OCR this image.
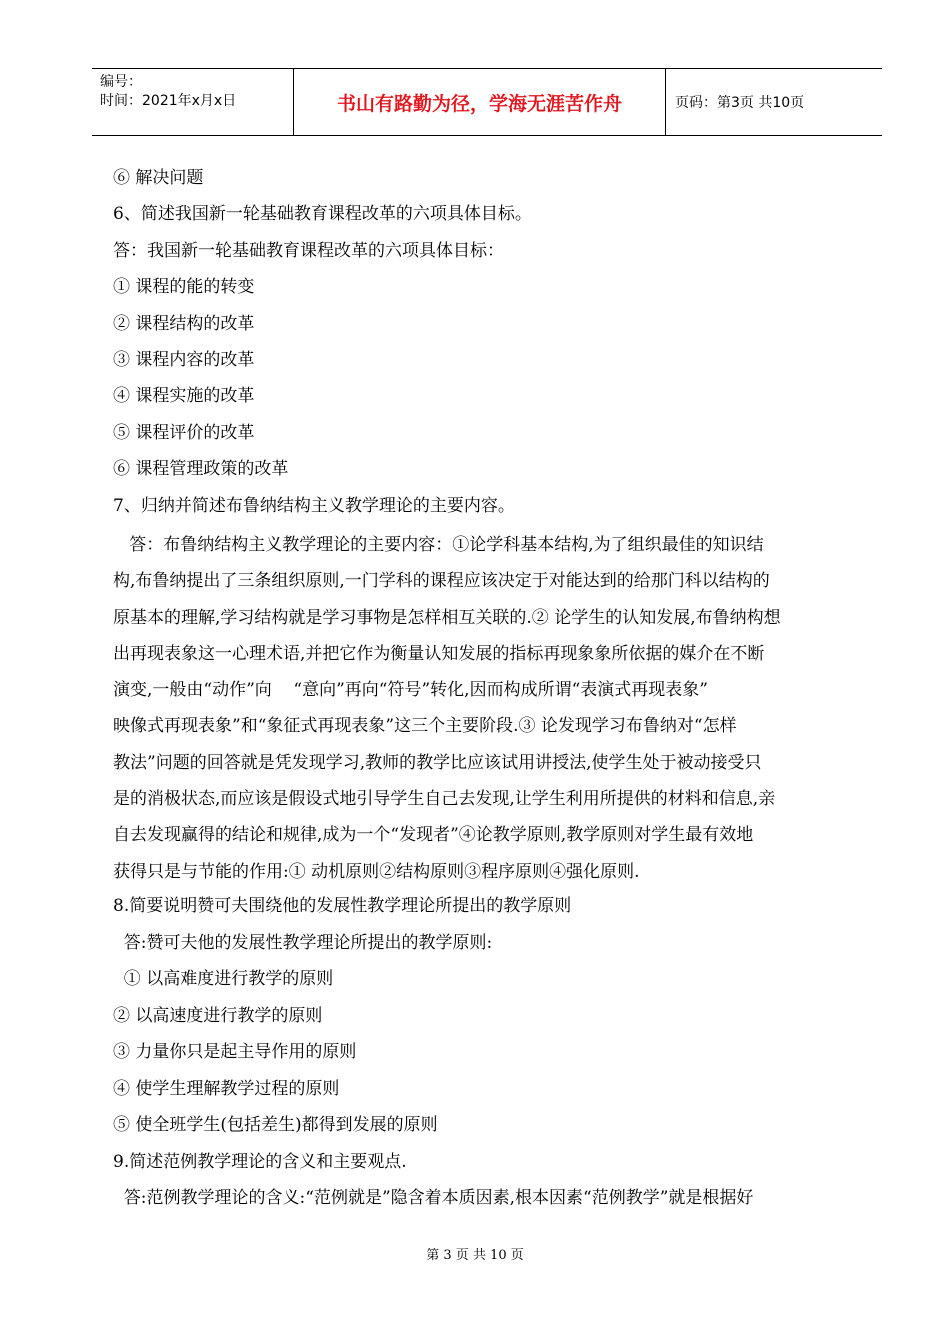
编号：
时间：2021年x月x日	书山有路勤为径，学海无涯苦作舟	页码：第3页 共10页
⑥ 解决问题
6、简述我国新一轮基础教育课程改革的六项具体目标。
答：我国新一轮基础教育课程改革的六项具体目标：
① 课程的能的转变
② 课程结构的改革
③ 课程内容的改革
④ 课程实施的改革
⑤ 课程评价的改革
⑥ 课程管理政策的改革
7、归纳并简述布鲁纳结构主义教学理论的主要内容。
答：布鲁纳结构主义教学理论的主要内容：①论学科基本结构,为了组织最佳的知识结
构,布鲁纳提出了三条组织原则,一门学科的课程应该决定于对能达到的给那门科以结构的
原基本的理解,学习结构就是学习事物是怎样相互关联的.② 论学生的认知发展,布鲁纳构想
出再现表象这一心理术语,并把它作为衡量认知发展的指标再现象象所依据的媒介在不断
演变,一般由“动作”向    “意向”再向“符号”转化,因而构成所谓“表演式再现表象”
映像式再现表象”和“象征式再现表象”这三个主要阶段.③ 论发现学习布鲁纳对“怎样
教法”问题的回答就是凭发现学习,教师的教学比应该试用讲授法,使学生处于被动接受只
是的消极状态,而应该是假设式地引导学生自己去发现,让学生利用所提供的材料和信息,亲
自去发现赢得的结论和规律,成为一个“发现者”④论教学原则,教学原则对学生最有效地
获得只是与节能的作用:① 动机原则②结构原则③程序原则④强化原则.
8.简要说明赞可夫围绕他的发展性教学理论所提出的教学原则
答:赞可夫他的发展性教学理论所提出的教学原则:
① 以高难度进行教学的原则
② 以高速度进行教学的原则
③ 力量你只是起主导作用的原则
④ 使学生理解教学过程的原则
⑤ 使全班学生(包括差生)都得到发展的原则
9.简述范例教学理论的含义和主要观点.
答:范例教学理论的含义:“范例就是”隐含着本质因素,根本因素“范例教学”就是根据好
第 3 页 共 10 页
